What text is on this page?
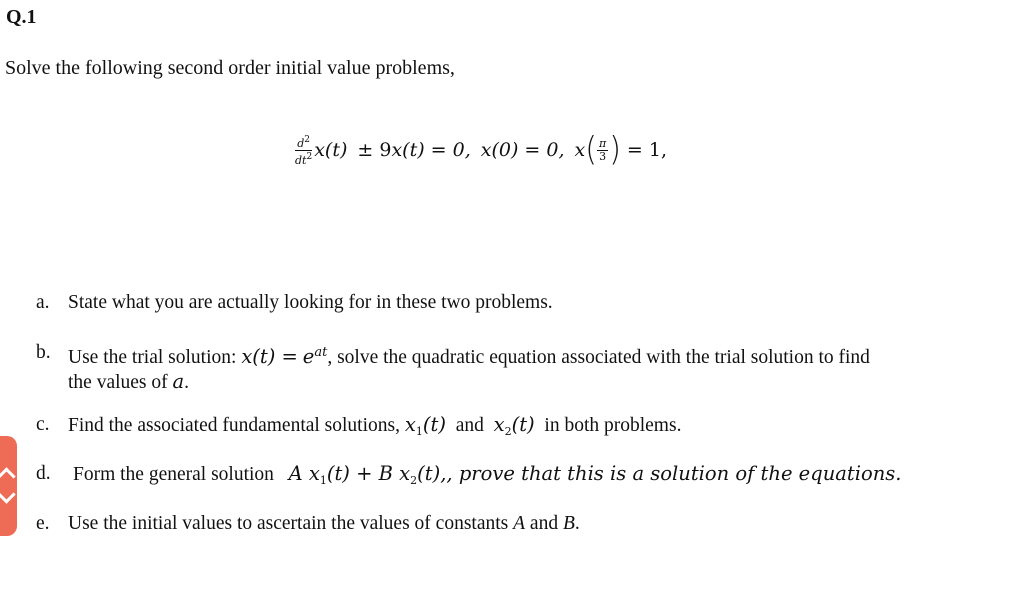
Q.1
Solve the following second order initial value problems,
$\frac{d^2}{dt^2} x(t) \pm 9$ x(t) = 0, x(0) = 0, x ( $\frac{\pi}{3}$ ) = 1,
a. State what you are actually looking for in these two problems.
b. Use the trial solution: $x(t) = e^{at}$, solve the quadratic equation associated with the trial solution to find
the values of a.
c. Find the associated fundamental solutions, $x_1(t)$ and $x_2(t)$ in both problems.
d. Form the general solution A $x_1(t) + B$ $x_2(t)$,, prove that this is a solution of the equations.
e. Use the initial values to ascertain the values of constants A and B.
